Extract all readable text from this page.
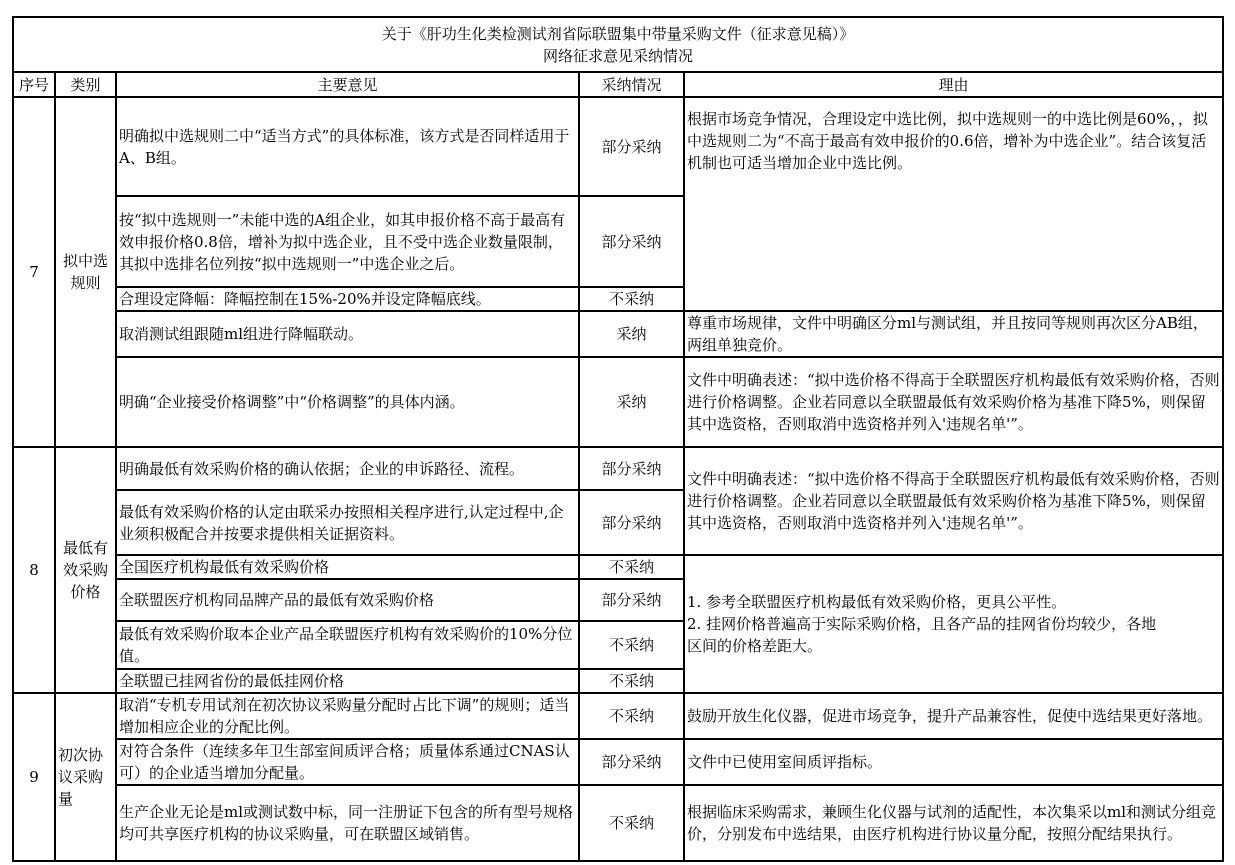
关于《肝功生化类检测试剂省际联盟集中带量采购文件（征求意见稿）》
网络征求意见采纳情况				

序号	类别	主要意见	采纳情况	理由
7	拟中选规则	明确拟中选规则二中“适当方式”的具体标准，该方式是否同样适用于A、B组。	部分采纳	根据市场竞争情况，合理设定中选比例，拟中选规则一的中选比例是60%，，拟中选规则二为“不高于最高有效申报价的0.6倍，增补为中选企业”。结合该复活机制也可适当增加企业中选比例。
		按“拟中选规则一”未能中选的A组企业，如其申报价格不高于最高有效申报价格0.8倍，增补为拟中选企业，且不受中选企业数量限制，其拟中选排名位列按“拟中选规则一”中选企业之后。	部分采纳	
		合理设定降幅：降幅控制在15%-20%并设定降幅底线。	不采纳	
		取消测试组跟随ml组进行降幅联动。	采纳	尊重市场规律，文件中明确区分ml与测试组，并且按同等规则再次区分AB组，两组单独竞价。
		明确“企业接受价格调整”中“价格调整”的具体内涵。	采纳	文件中明确表述：“拟中选价格不得高于全联盟医疗机构最低有效采购价格，否则进行价格调整。企业若同意以全联盟最低有效采购价格为基准下降5%，则保留其中选资格，否则取消中选资格并列入'违规名单'”。
8	最低有效采购价格	明确最低有效采购价格的确认依据；企业的申诉路径、流程。	部分采纳	文件中明确表述：“拟中选价格不得高于全联盟医疗机构最低有效采购价格，否则进行价格调整。企业若同意以全联盟最低有效采购价格为基准下降5%，则保留其中选资格，否则取消中选资格并列入'违规名单'”。
		最低有效采购价格的认定由联采办按照相关程序进行,认定过程中,企业须积极配合并按要求提供相关证据资料。	部分采纳	
		全国医疗机构最低有效采购价格	不采纳	1. 参考全联盟医疗机构最低有效采购价格，更具公平性。
2. 挂网价格普遍高于实际采购价格，且各产品的挂网省份均较少，各地区间的价格差距大。

		全联盟医疗机构同品牌产品的最低有效采购价格	部分采纳	
		最低有效采购价取本企业产品全联盟医疗机构有效采购价的10%分位值。	不采纳	
		全联盟已挂网省份的最低挂网价格	不采纳	
9	初次协议采购量	取消“专机专用试剂在初次协议采购量分配时占比下调”的规则；适当增加相应企业的分配比例。	不采纳	鼓励开放生化仪器，促进市场竞争，提升产品兼容性，促使中选结果更好落地。
		对符合条件（连续多年卫生部室间质评合格；质量体系通过CNAS认可）的企业适当增加分配量。	部分采纳	文件中已使用室间质评指标。
		生产企业无论是ml或测试数中标，同一注册证下包含的所有型号规格均可共享医疗机构的协议采购量，可在联盟区域销售。	不采纳	根据临床采购需求，兼顾生化仪器与试剂的适配性，本次集采以ml和测试分组竞价，分别发布中选结果，由医疗机构进行协议量分配，按照分配结果执行。
